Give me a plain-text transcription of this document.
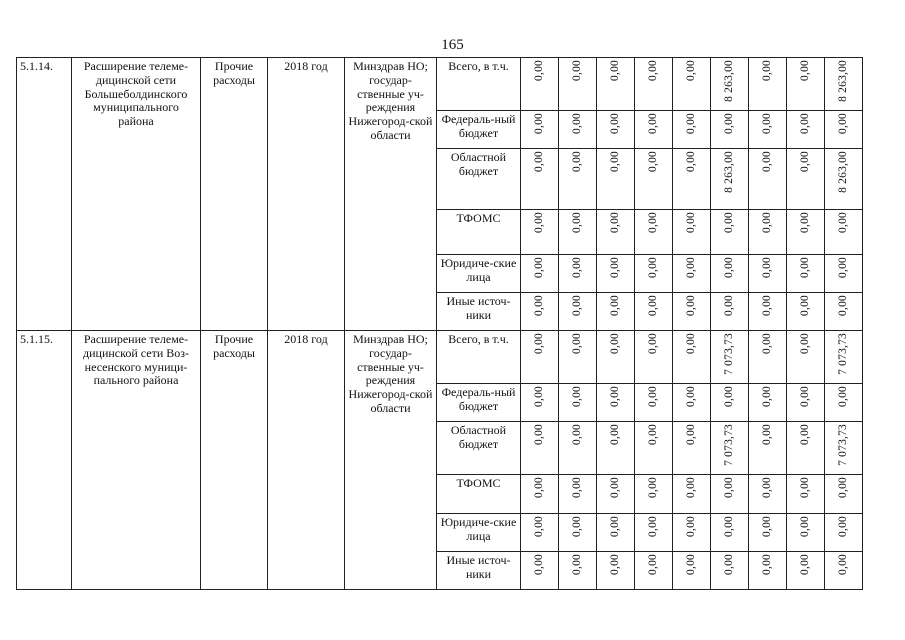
165
5.1.14.	Расширение телеме-дицинской сети Большеболдинского муниципального района	Прочие расходы	2018 год	Минздрав НО; государ-ственные уч-реждения Нижегород-ской области	Всего, в т.ч.	0,00	0,00	0,00	0,00	0,00	8 263,00	0,00	0,00	8 263,00

					Федераль-ный бюджет	0,00	0,00	0,00	0,00	0,00	0,00	0,00	0,00	0,00

					Областной бюджет	0,00	0,00	0,00	0,00	0,00	8 263,00	0,00	0,00	8 263,00

					ТФОМС	0,00	0,00	0,00	0,00	0,00	0,00	0,00	0,00	0,00

					Юридиче-ские лица	0,00	0,00	0,00	0,00	0,00	0,00	0,00	0,00	0,00

					Иные источ-ники	0,00	0,00	0,00	0,00	0,00	0,00	0,00	0,00	0,00

5.1.15.	Расширение телеме-дицинской сети Воз-несенского муници-пального района	Прочие расходы	2018 год	Минздрав НО; государ-ственные уч-реждения Нижегород-ской области	Всего, в т.ч.	0,00	0,00	0,00	0,00	0,00	7 073,73	0,00	0,00	7 073,73

					Федераль-ный бюджет	0,00	0,00	0,00	0,00	0,00	0,00	0,00	0,00	0,00

					Областной бюджет	0,00	0,00	0,00	0,00	0,00	7 073,73	0,00	0,00	7 073,73

					ТФОМС	0,00	0,00	0,00	0,00	0,00	0,00	0,00	0,00	0,00

					Юридиче-ские лица	0,00	0,00	0,00	0,00	0,00	0,00	0,00	0,00	0,00

					Иные источ-ники	0,00	0,00	0,00	0,00	0,00	0,00	0,00	0,00	0,00
